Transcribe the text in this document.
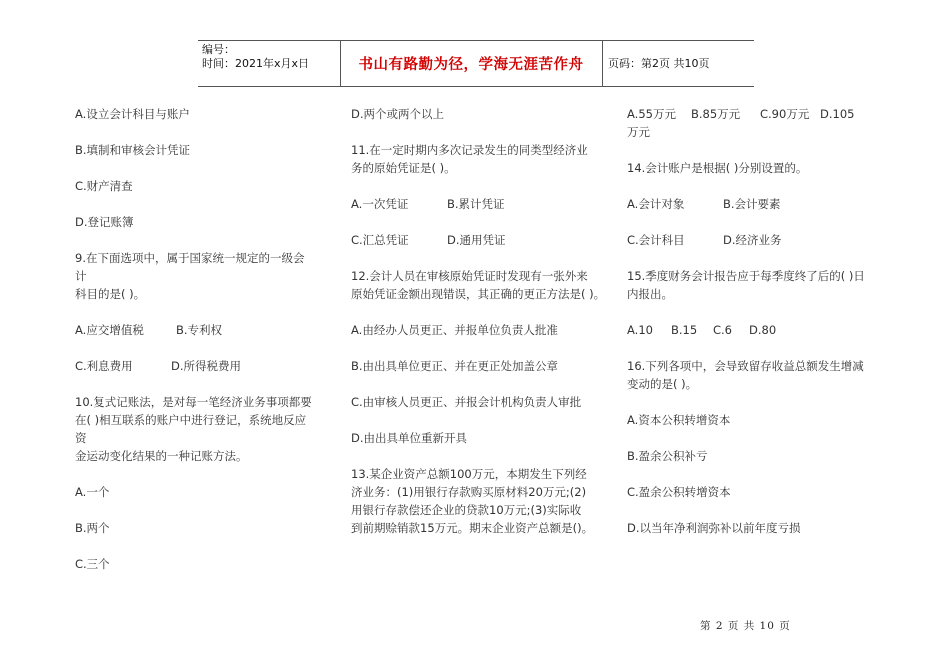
编号：
时间：2021年x月x日	书山有路勤为径，学海无涯苦作舟	页码：第2页 共10页

A.设立会计科目与账户

B.填制和审核会计凭证

C.财产清查

D.登记账簿

9.在下面选项中，属于国家统一规定的一级会计

科目的是( )。

A.应交增值税	B.专利权
C.利息费用	D.所得税费用

10.复式记账法，是对每一笔经济业务事项都要

在( )相互联系的账户中进行登记，系统地反应资

金运动变化结果的一种记账方法。

A.一个

B.两个

C.三个

D.两个或两个以上

11.在一定时期内多次记录发生的同类型经济业

务的原始凭证是( )。

A.一次凭证	B.累计凭证
C.汇总凭证	D.通用凭证

12.会计人员在审核原始凭证时发现有一张外来

原始凭证金额出现错误，其正确的更正方法是( )。

A.由经办人员更正、并报单位负责人批准

B.由出具单位更正、并在更正处加盖公章

C.由审核人员更正、并报会计机构负责人审批

D.由出具单位重新开具

13.某企业资产总额100万元，本期发生下列经

济业务：(1)用银行存款购买原材料20万元;(2)

用银行存款偿还企业的贷款10万元;(3)实际收

到前期赊销款15万元。期末企业资产总额是()。

A.55万元	B.85万元	C.90万元 D.105

万元

14.会计账户是根据( )分别设置的。

A.会计对象	B.会计要素
C.会计科目	D.经济业务

15.季度财务会计报告应于每季度终了后的( )日

内报出。

A.10	B.15	C.6	D.80

16.下列各项中，会导致留存收益总额发生增减

变动的是( )。

A.资本公积转增资本

B.盈余公积补亏

C.盈余公积转增资本

D.以当年净利润弥补以前年度亏损

第 2 页 共 10 页
